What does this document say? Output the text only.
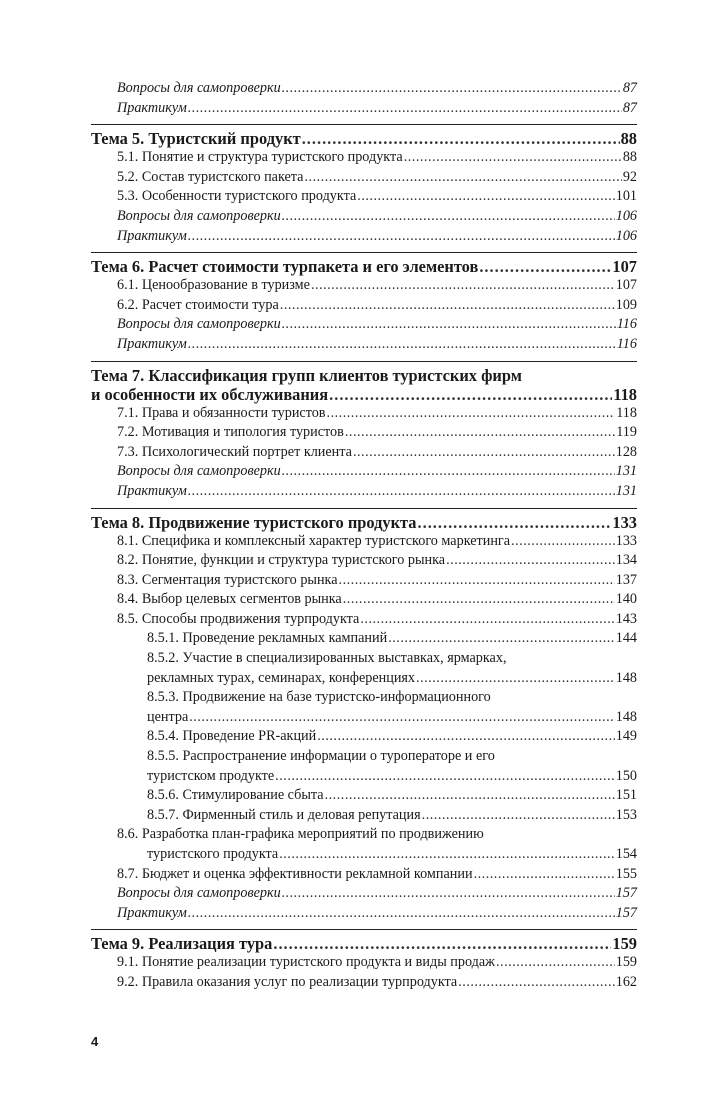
Вопросы для самопроверки .....	87
Практикум .....	87
Тема 5. Туристский продукт .....	88
5.1. Понятие и структура туристского продукта .....	88
5.2. Состав туристского пакета .....	92
5.3. Особенности туристского продукта .....	101
Вопросы для самопроверки .....	106
Практикум .....	106
Тема 6. Расчет стоимости турпакета и его элементов .....	107
6.1. Ценообразование в туризме .....	107
6.2. Расчет стоимости тура .....	109
Вопросы для самопроверки .....	116
Практикум .....	116
Тема 7. Классификация групп клиентов туристских фирм
и особенности их обслуживания .....	118
7.1. Права и обязанности туристов .....	118
7.2. Мотивация и типология туристов .....	119
7.3. Психологический портрет клиента .....	128
Вопросы для самопроверки .....	131
Практикум .....	131
Тема 8. Продвижение туристского продукта .....	133
8.1. Специфика и комплексный характер туристского маркетинга .....	133
8.2. Понятие, функции и структура туристского рынка .....	134
8.3. Сегментация туристского рынка .....	137
8.4. Выбор целевых сегментов рынка .....	140
8.5. Способы продвижения турпродукта .....	143
8.5.1. Проведение рекламных кампаний .....	144
8.5.2. Участие в специализированных выставках, ярмарках,
рекламных турах, семинарах, конференциях .....	148
8.5.3. Продвижение на базе туристско-информационного
центра .....	148
8.5.4. Проведение PR-акций .....	149
8.5.5. Распространение информации о туроператоре и его
туристском продукте .....	150
8.5.6. Стимулирование сбыта .....	151
8.5.7. Фирменный стиль и деловая репутация .....	153
8.6. Разработка план-графика мероприятий по продвижению
туристского продукта .....	154
8.7. Бюджет и оценка эффективности рекламной компании .....	155
Вопросы для самопроверки .....	157
Практикум .....	157
Тема 9. Реализация тура .....	159
9.1. Понятие реализации туристского продукта и виды продаж .....	159
9.2. Правила оказания услуг по реализации турпродукта .....	162
4
